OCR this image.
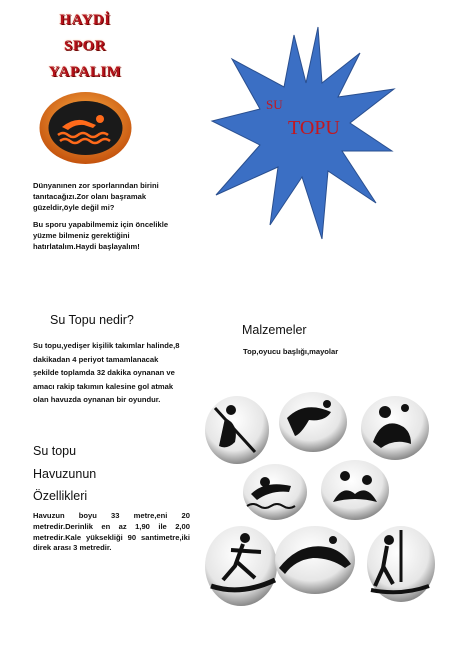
HAYDİ
SPOR
YAPALIM
SU
TOPU
Dünyanınen zor sporlarından birini tanıtacağızı.Zor olanı başramak güzeldir,öyle değil mi?
Bu sporu yapabilmemiz için öncelikle yüzme bilmeniz gerektiğini hatırlatalım.Haydi başlayalım!
Su Topu nedir?
Su topu,yedişer kişilik takımlar halinde,8 dakikadan 4 periyot tamamlanacak şekilde toplamda 32 dakika oynanan ve amacı rakip takımın kalesine gol atmak olan havuzda oynanan bir oyundur.
Malzemeler
Top,oyucu başlığı,mayolar
Su topu
Havuzunun
Özellikleri
Havuzun boyu 33 metre,eni 20 metredir.Derinlik en az 1,90 ile 2,00 metredir.Kale yüksekliği 90 santimetre,iki direk arası 3 metredir.
